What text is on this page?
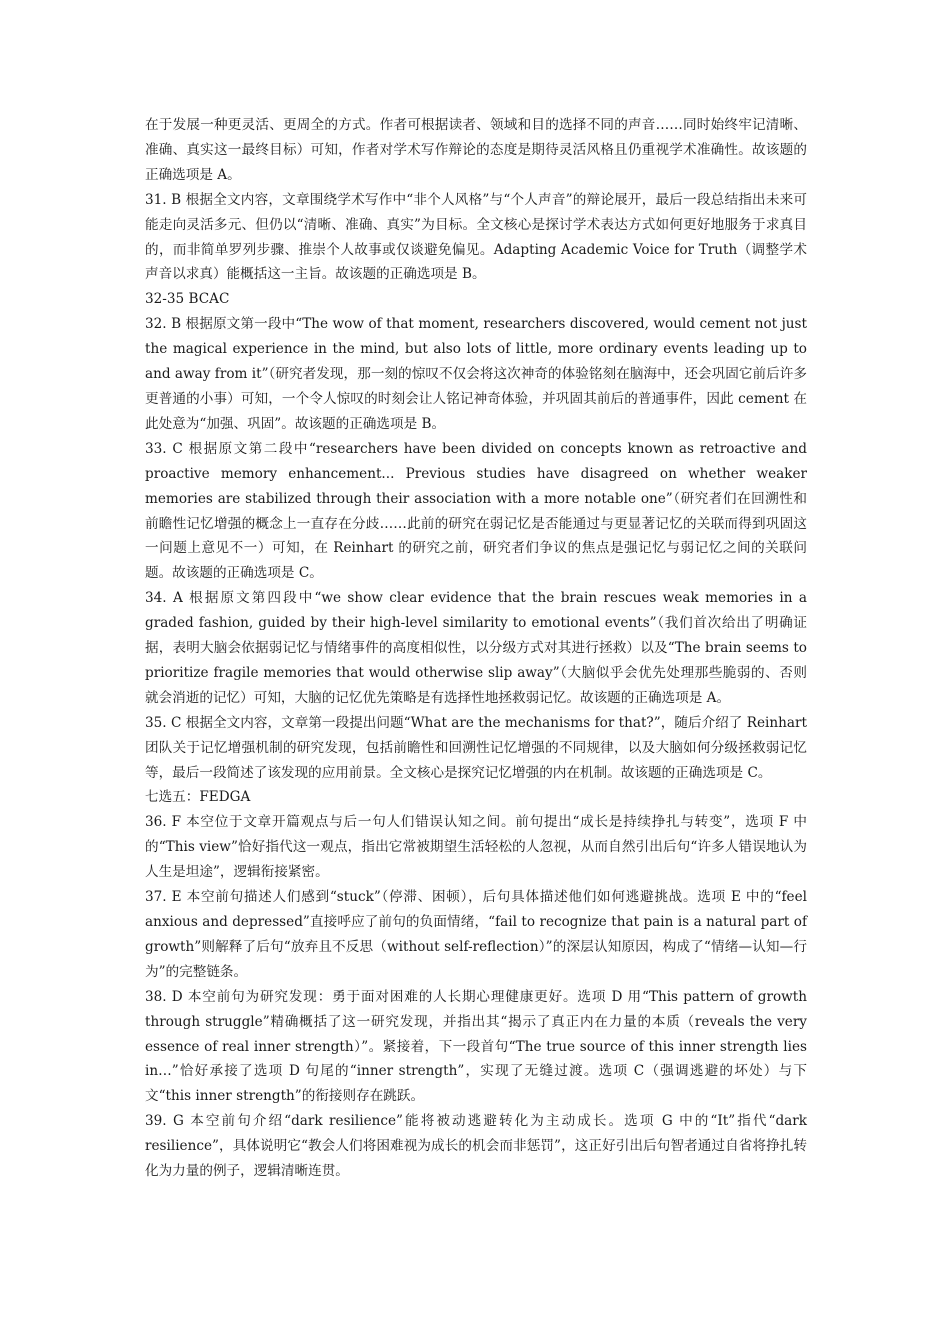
在于发展一种更灵活、更周全的方式。作者可根据读者、领域和目的选择不同的声音……同时始终牢记清晰、准确、真实这一最终目标）可知，作者对学术写作辩论的态度是期待灵活风格且仍重视学术准确性。故该题的正确选项是 A。

31. B 根据全文内容，文章围绕学术写作中“非个人风格”与“个人声音”的辩论展开，最后一段总结指出未来可能走向灵活多元、但仍以“清晰、准确、真实”为目标。全文核心是探讨学术表达方式如何更好地服务于求真目的，而非简单罗列步骤、推崇个人故事或仅谈避免偏见。Adapting Academic Voice for Truth（调整学术声音以求真）能概括这一主旨。故该题的正确选项是 B。

32-35 BCAC

32. B 根据原文第一段中“The wow of that moment, researchers discovered, would cement not just the magical experience in the mind, but also lots of little, more ordinary events leading up to and away from it”（研究者发现，那一刻的惊叹不仅会将这次神奇的体验铭刻在脑海中，还会巩固它前后许多更普通的小事）可知，一个令人惊叹的时刻会让人铭记神奇体验，并巩固其前后的普通事件，因此 cement 在此处意为“加强、巩固”。故该题的正确选项是 B。

33. C 根据原文第二段中“researchers have been divided on concepts known as retroactive and proactive memory enhancement... Previous studies have disagreed on whether weaker memories are stabilized through their association with a more notable one”（研究者们在回溯性和前瞻性记忆增强的概念上一直存在分歧……此前的研究在弱记忆是否能通过与更显著记忆的关联而得到巩固这一问题上意见不一）可知，在 Reinhart 的研究之前，研究者们争议的焦点是强记忆与弱记忆之间的关联问题。故该题的正确选项是 C。

34. A 根据原文第四段中“we show clear evidence that the brain rescues weak memories in a graded fashion, guided by their high-level similarity to emotional events”（我们首次给出了明确证据，表明大脑会依据弱记忆与情绪事件的高度相似性，以分级方式对其进行拯救）以及“The brain seems to prioritize fragile memories that would otherwise slip away”（大脑似乎会优先处理那些脆弱的、否则就会消逝的记忆）可知，大脑的记忆优先策略是有选择性地拯救弱记忆。故该题的正确选项是 A。

35. C 根据全文内容，文章第一段提出问题“What are the mechanisms for that?”，随后介绍了 Reinhart 团队关于记忆增强机制的研究发现，包括前瞻性和回溯性记忆增强的不同规律，以及大脑如何分级拯救弱记忆等，最后一段简述了该发现的应用前景。全文核心是探究记忆增强的内在机制。故该题的正确选项是 C。

七选五：FEDGA

36. F 本空位于文章开篇观点与后一句人们错误认知之间。前句提出“成长是持续挣扎与转变”，选项 F 中的“This view”恰好指代这一观点，指出它常被期望生活轻松的人忽视，从而自然引出后句“许多人错误地认为人生是坦途”，逻辑衔接紧密。

37. E 本空前句描述人们感到“stuck”（停滞、困顿），后句具体描述他们如何逃避挑战。选项 E 中的“feel anxious and depressed”直接呼应了前句的负面情绪，“fail to recognize that pain is a natural part of growth”则解释了后句“放弃且不反思（without self-reflection）”的深层认知原因，构成了“情绪—认知—行为”的完整链条。

38. D 本空前句为研究发现：勇于面对困难的人长期心理健康更好。选项 D 用“This pattern of growth through struggle”精确概括了这一研究发现，并指出其“揭示了真正内在力量的本质（reveals the very essence of real inner strength）”。紧接着，下一段首句“The true source of this inner strength lies in…”恰好承接了选项 D 句尾的“inner strength”，实现了无缝过渡。选项 C（强调逃避的坏处）与下文“this inner strength”的衔接则存在跳跃。

39. G 本空前句介绍“dark resilience”能将被动逃避转化为主动成长。选项 G 中的“It”指代“dark resilience”，具体说明它“教会人们将困难视为成长的机会而非惩罚”，这正好引出后句智者通过自省将挣扎转化为力量的例子，逻辑清晰连贯。
